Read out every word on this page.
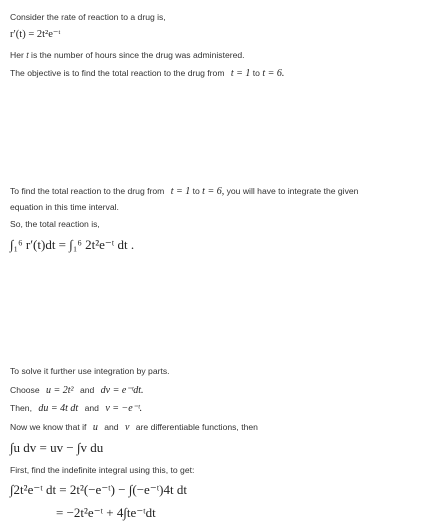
Consider the rate of reaction to a drug is,
r′(t) = 2t²e⁻ᵗ
Her t is the number of hours since the drug was administered.
The objective is to find the total reaction to the drug from t = 1 to t = 6.
To find the total reaction to the drug from t = 1 to t = 6, you will have to integrate the given
equation in this time interval.
So, the total reaction is,
∫₁⁶ r′(t)dt = ∫₁⁶ 2t²e⁻ᵗ dt .
To solve it further use integration by parts.
Choose u = 2t² and dv = e⁻ᵗdt.
Then, du = 4t dt and v = −e⁻ᵗ.
Now we know that if u and v are differentiable functions, then
∫u dv = uv − ∫v du
First, find the indefinite integral using this, to get:
∫2t²e⁻ᵗ dt = 2t²(−e⁻ᵗ) − ∫(−e⁻ᵗ)4t dt
= −2t²e⁻ᵗ + 4∫te⁻ᵗdt
